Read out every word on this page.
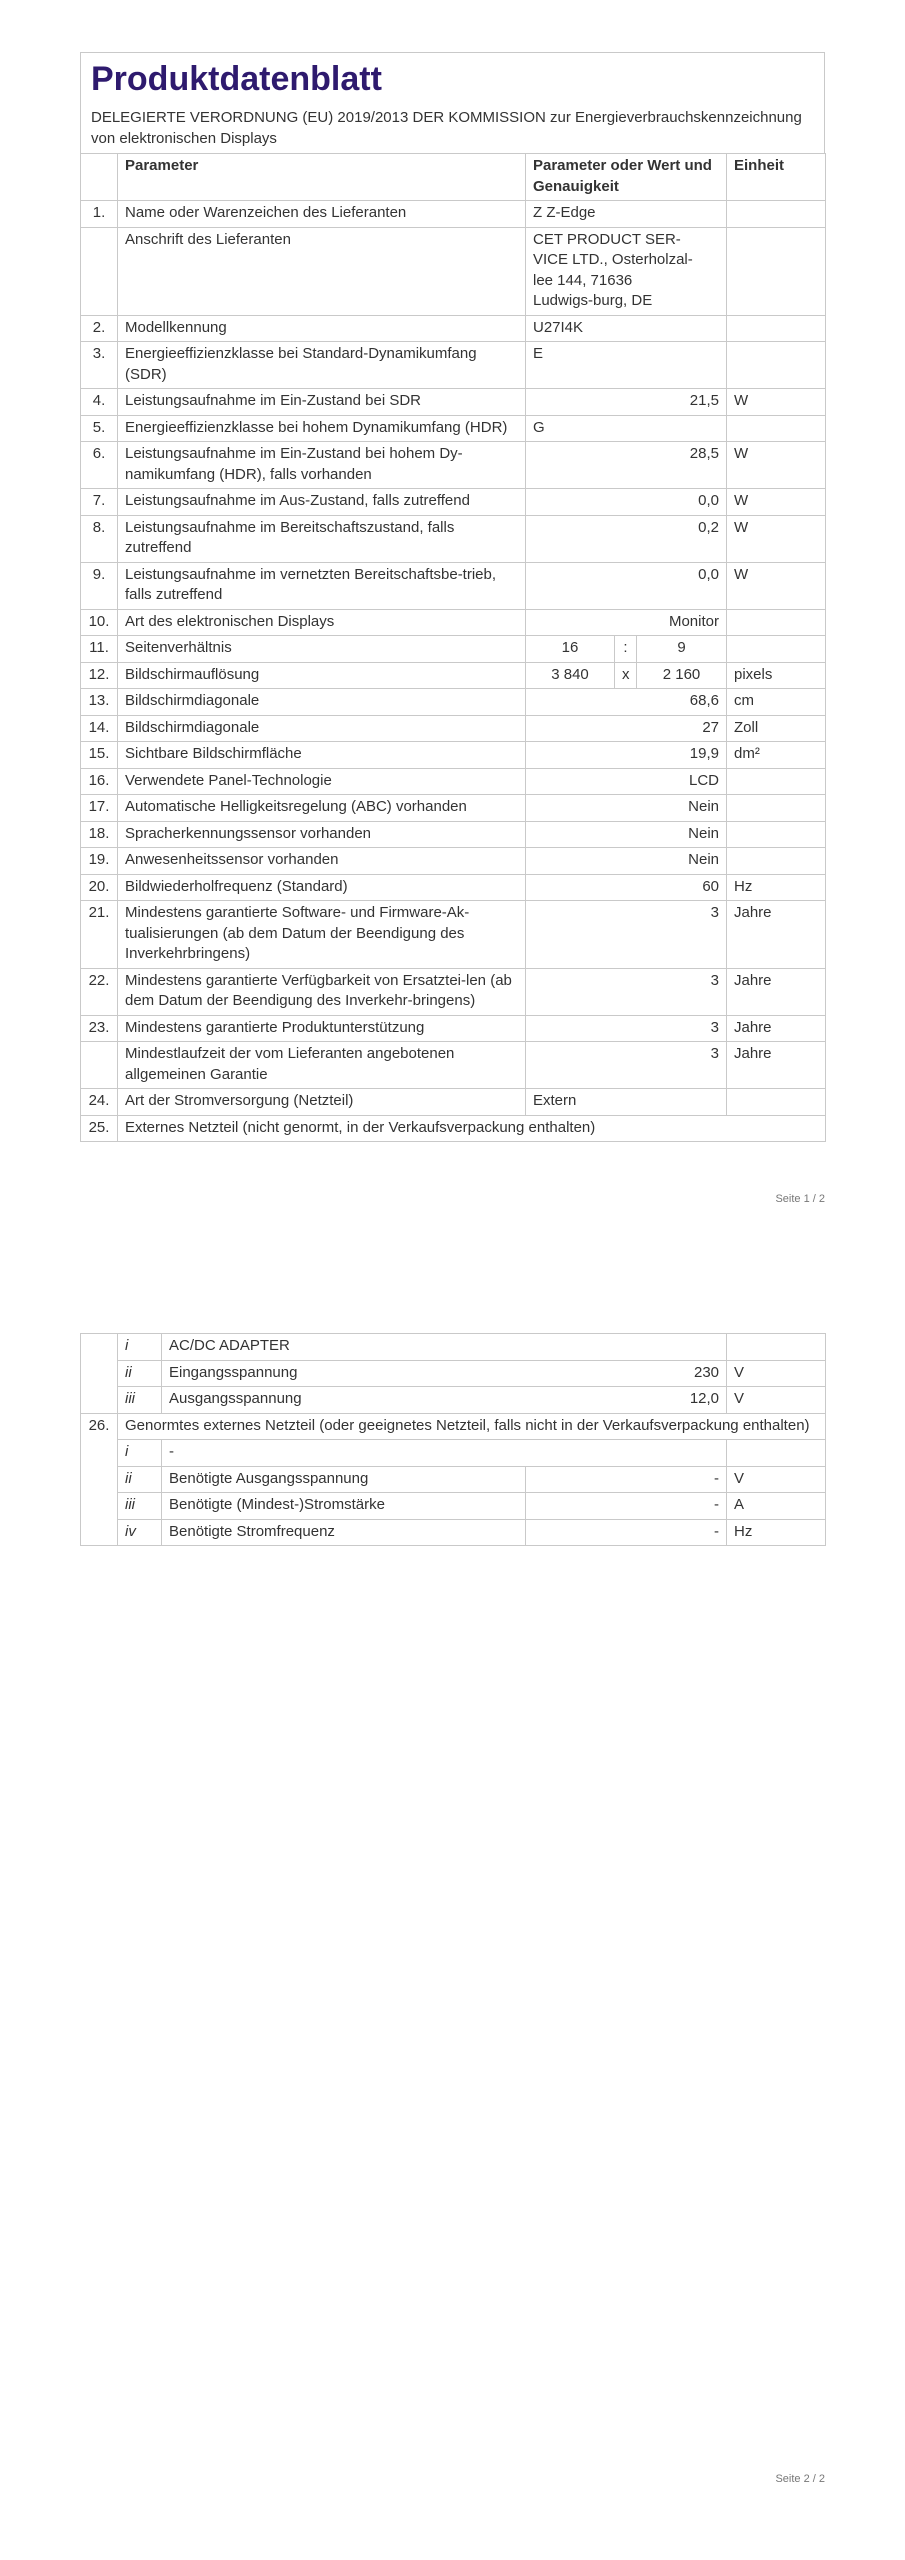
Produktdatenblatt
DELEGIERTE VERORDNUNG (EU) 2019/2013 DER KOMMISSION zur Energieverbrauchskennzeichnung von elektronischen Displays
	Parameter	Parameter oder Wert und Genauigkeit			Einheit
1.	Name oder Warenzeichen des Lieferanten	Z Z-Edge			
	Anschrift des Lieferanten	CET PRODUCT SER-VICE LTD., Osterholzal-lee 144, 71636 Ludwigs-burg, DE			
2.	Modellkennung	U27I4K			
3.	Energieeffizienzklasse bei Standard-Dynamikumfang (SDR)	E			
4.	Leistungsaufnahme im Ein-Zustand bei SDR	21,5			W
5.	Energieeffizienzklasse bei hohem Dynamikumfang (HDR)	G			
6.	Leistungsaufnahme im Ein-Zustand bei hohem Dy-namikumfang (HDR), falls vorhanden	28,5			W
7.	Leistungsaufnahme im Aus-Zustand, falls zutreffend	0,0			W
8.	Leistungsaufnahme im Bereitschaftszustand, falls zutreffend	0,2			W
9.	Leistungsaufnahme im vernetzten Bereitschaftsbe-trieb, falls zutreffend	0,0			W
10.	Art des elektronischen Displays	Monitor			
11.	Seitenverhältnis	16	:	9	
12.	Bildschirmauflösung	3 840	x	2 160	pixels
13.	Bildschirmdiagonale	68,6			cm
14.	Bildschirmdiagonale	27			Zoll
15.	Sichtbare Bildschirmfläche	19,9			dm²
16.	Verwendete Panel-Technologie	LCD			
17.	Automatische Helligkeitsregelung (ABC) vorhanden	Nein			
18.	Spracherkennungssensor vorhanden	Nein			
19.	Anwesenheitssensor vorhanden	Nein			
20.	Bildwiederholfrequenz (Standard)	60			Hz
21.	Mindestens garantierte Software- und Firmware-Ak-tualisierungen (ab dem Datum der Beendigung des Inverkehrbringens)	3			Jahre
22.	Mindestens garantierte Verfügbarkeit von Ersatztei-len (ab dem Datum der Beendigung des Inverkehr-bringens)	3			Jahre
23.	Mindestens garantierte Produktunterstützung	3			Jahre
	Mindestlaufzeit der vom Lieferanten angebotenen allgemeinen Garantie	3			Jahre
24.	Art der Stromversorgung (Netzteil)	Extern			
25.	Externes Netzteil (nicht genormt, in der Verkaufsverpackung enthalten)				
Seite 1 / 2
	i	AC/DC ADAPTER		
	ii	Eingangsspannung	230	V
	iii	Ausgangsspannung	12,0	V
26.	Genormtes externes Netzteil (oder geeignetes Netzteil, falls nicht in der Verkaufsverpackung enthalten)			
	i	-		
	ii	Benötigte Ausgangsspannung	-	V
	iii	Benötigte (Mindest-)Stromstärke	-	A
	iv	Benötigte Stromfrequenz	-	Hz
Seite 2 / 2
